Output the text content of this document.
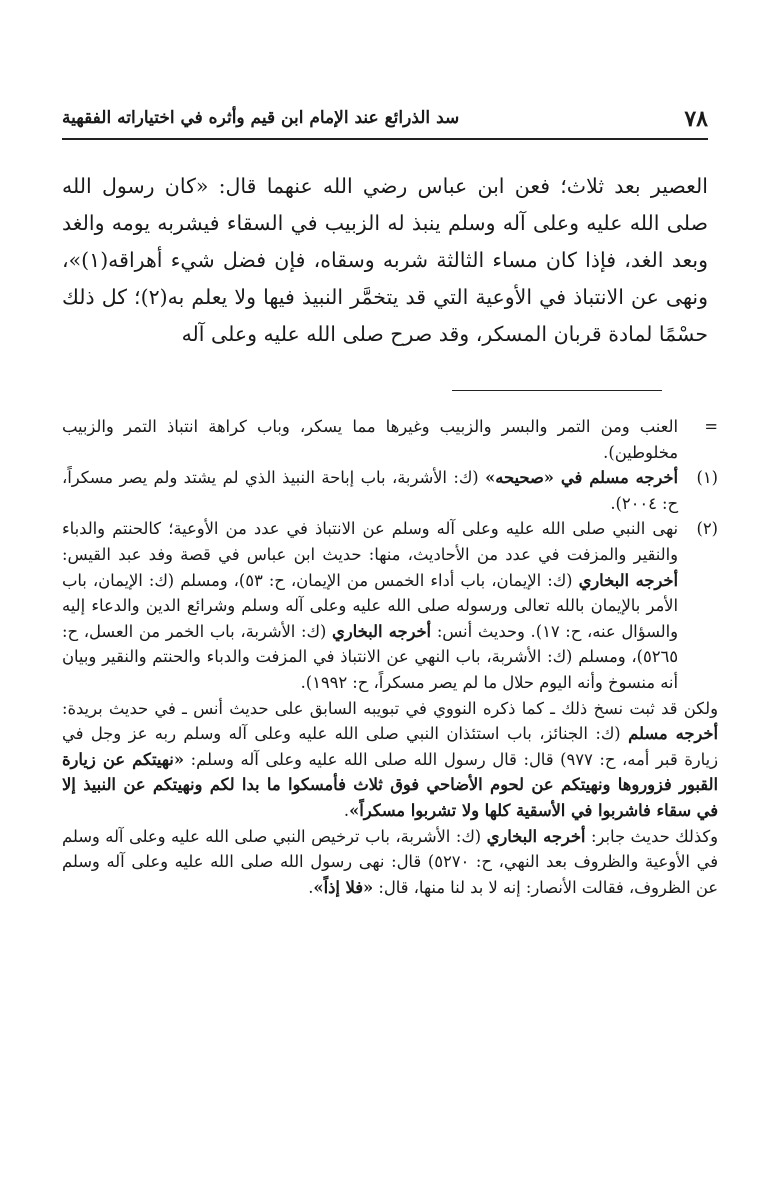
٧٨
سد الذرائع عند الإمام ابن قيم وأثره في اختياراته الفقهية

العصير بعد ثلاث؛ فعن ابن عباس رضي الله عنهما قال: «كان رسول الله صلى الله عليه وعلى آله وسلم ينبذ له الزبيب في السقاء فيشربه يومه والغد وبعد الغد، فإذا كان مساء الثالثة شربه وسقاه، فإن فضل شيء أهراقه(١)»، ونهى عن الانتباذ في الأوعية التي قد يتخمَّر النبيذ فيها ولا يعلم به(٢)؛ كل ذلك حسْمًا لمادة قربان المسكر، وقد صرح صلى الله عليه وعلى آله

=

العنب ومن التمر والبسر والزبيب وغيرها مما يسكر، وباب كراهة انتباذ التمر والزبيب مخلوطين).

(١)

أخرجه مسلم في «صحيحه» (ك: الأشربة، باب إباحة النبيذ الذي لم يشتد ولم يصر مسكراً، ح: ٢٠٠٤).

(٢)

نهى النبي صلى الله عليه وعلى آله وسلم عن الانتباذ في عدد من الأوعية؛ كالحنتم والدباء والنقير والمزفت في عدد من الأحاديث، منها: حديث ابن عباس في قصة وفد عبد القيس: أخرجه البخاري (ك: الإيمان، باب أداء الخمس من الإيمان، ح: ٥٣)، ومسلم (ك: الإيمان، باب الأمر بالإيمان بالله تعالى ورسوله صلى الله عليه وعلى آله وسلم وشرائع الدين والدعاء إليه والسؤال عنه، ح: ١٧). وحديث أنس: أخرجه البخاري (ك: الأشربة، باب الخمر من العسل، ح: ٥٢٦٥)، ومسلم (ك: الأشربة، باب النهي عن الانتباذ في المزفت والدباء والحنتم والنقير وبيان أنه منسوخ وأنه اليوم حلال ما لم يصر مسكراً، ح: ١٩٩٢).

ولكن قد ثبت نسخ ذلك ـ كما ذكره النووي في تبويبه السابق على حديث أنس ـ في حديث بريدة: أخرجه مسلم (ك: الجنائز، باب استئذان النبي صلى الله عليه وعلى آله وسلم ربه عز وجل في زيارة قبر أمه، ح: ٩٧٧) قال: قال رسول الله صلى الله عليه وعلى آله وسلم: «نهيتكم عن زيارة القبور فزوروها ونهيتكم عن لحوم الأضاحي فوق ثلاث فأمسكوا ما بدا لكم ونهيتكم عن النبيذ إلا في سقاء فاشربوا في الأسقية كلها ولا تشربوا مسكراً».

وكذلك حديث جابر: أخرجه البخاري (ك: الأشربة، باب ترخيص النبي صلى الله عليه وعلى آله وسلم في الأوعية والظروف بعد النهي، ح: ٥٢٧٠) قال: نهى رسول الله صلى الله عليه وعلى آله وسلم عن الظروف، فقالت الأنصار: إنه لا بد لنا منها، قال: «فلا إذاً».
